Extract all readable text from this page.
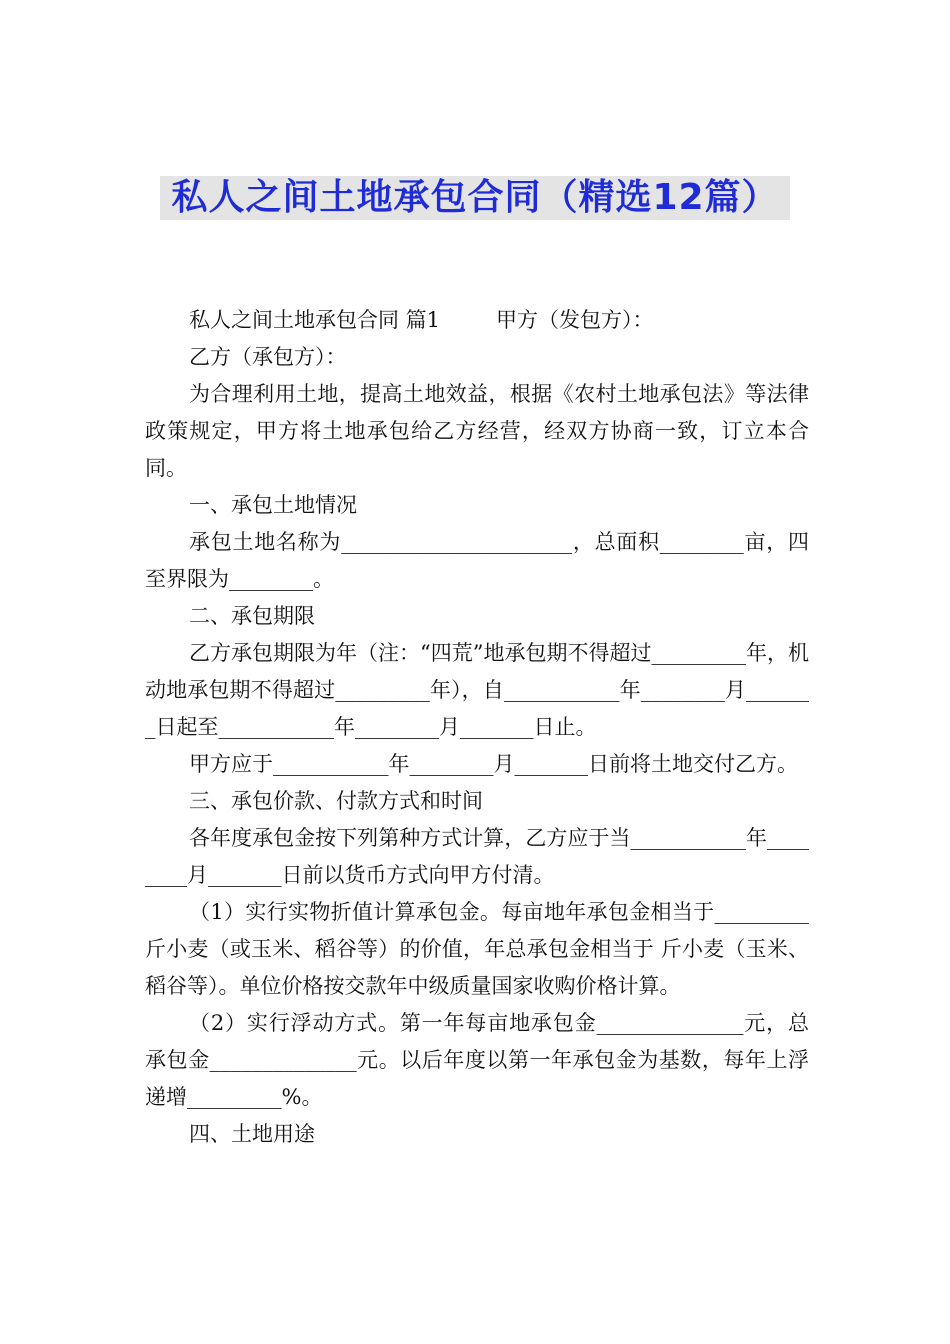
私人之间土地承包合同（精选12篇）

私人之间土地承包合同 篇1	甲方（发包方）：

乙方（承包方）：

为合理利用土地，提高土地效益，根据《农村土地承包法》等法律政策规定，甲方将土地承包给乙方经营，经双方协商一致，订立本合同。

一、承包土地情况

承包土地名称为______________________，总面积________亩，四至界限为________。

二、承包期限

乙方承包期限为年（注：“四荒”地承包期不得超过_________年，机动地承包期不得超过_________年），自___________年________月_______日起至___________年________月_______日止。

甲方应于___________年________月_______日前将土地交付乙方。

三、承包价款、付款方式和时间

各年度承包金按下列第种方式计算，乙方应于当___________年________月_______日前以货币方式向甲方付清。

（1）实行实物折值计算承包金。每亩地年承包金相当于_________斤小麦（或玉米、稻谷等）的价值，年总承包金相当于 斤小麦（玉米、稻谷等）。单位价格按交款年中级质量国家收购价格计算。

（2）实行浮动方式。第一年每亩地承包金______________元，总承包金______________元。以后年度以第一年承包金为基数，每年上浮递增_________%。

四、土地用途
